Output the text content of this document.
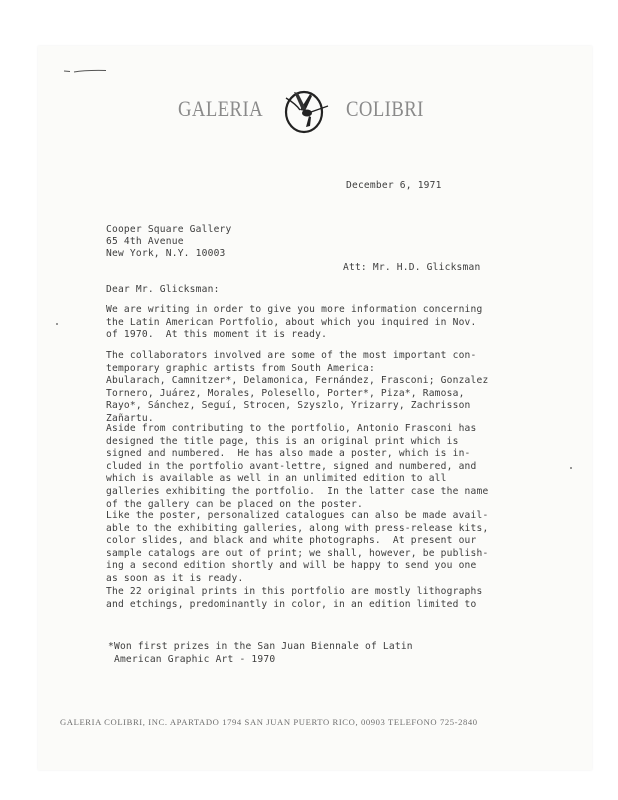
GALERIA	COLIBRI
December 6, 1971
Cooper Square Gallery
65 4th Avenue
New York, N.Y. 10003
Att: Mr. H.D. Glicksman
Dear Mr. Glicksman:
We are writing in order to give you more information concerning
the Latin American Portfolio, about which you inquired in Nov.
of 1970.  At this moment it is ready.
The collaborators involved are some of the most important con-
temporary graphic artists from South America:
Abularach, Camnitzer*, Delamonica, Fernández, Frasconi; Gonzalez
Tornero, Juárez, Morales, Polesello, Porter*, Piza*, Ramosa,
Rayo*, Sánchez, Seguí, Strocen, Szyszlo, Yrizarry, Zachrisson
Zañartu.
Aside from contributing to the portfolio, Antonio Frasconi has
designed the title page, this is an original print which is
signed and numbered.  He has also made a poster, which is in-
cluded in the portfolio avant-lettre, signed and numbered, and
which is available as well in an unlimited edition to all
galleries exhibiting the portfolio.  In the latter case the name
of the gallery can be placed on the poster.
Like the poster, personalized catalogues can also be made avail-
able to the exhibiting galleries, along with press-release kits,
color slides, and black and white photographs.  At present our
sample catalogs are out of print; we shall, however, be publish-
ing a second edition shortly and will be happy to send you one
as soon as it is ready.
The 22 original prints in this portfolio are mostly lithographs
and etchings, predominantly in color, in an edition limited to
*Won first prizes in the San Juan Biennale of Latin
American Graphic Art - 1970
GALERIA COLIBRI, INC. APARTADO 1794 SAN JUAN PUERTO RICO, 00903 TELEFONO 725-2840
